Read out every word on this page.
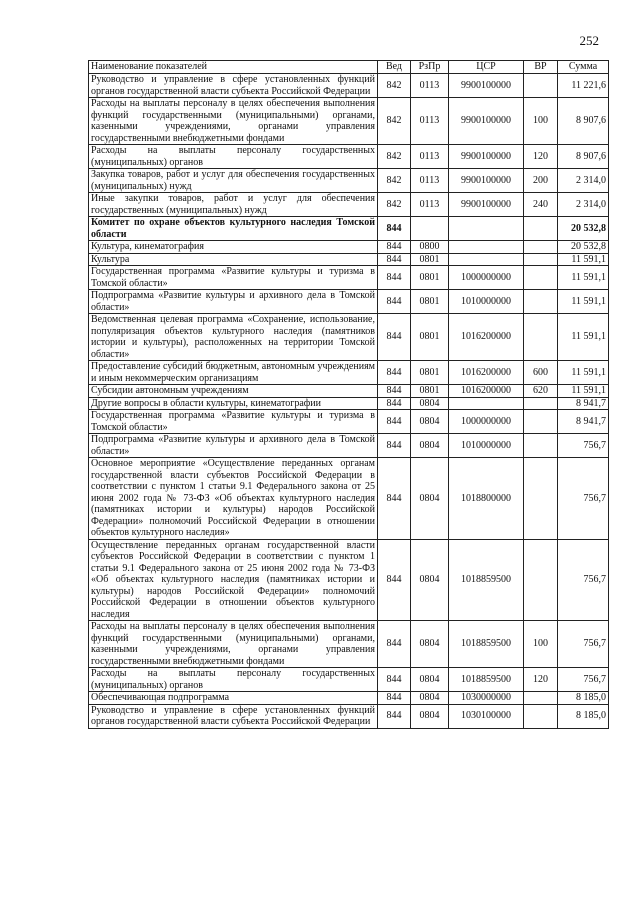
252
Наименование показателей	Вед	РзПр	ЦСР	ВР	Сумма
Руководство и управление в сфере установленных функций органов государственной власти субъекта Российской Федерации	842	0113	9900100000		11 221,6
Расходы на выплаты персоналу в целях обеспечения выполнения функций государственными (муниципальными) органами, казенными учреждениями, органами управления государственными внебюджетными фондами	842	0113	9900100000	100	8 907,6
Расходы на выплаты персоналу государственных (муниципальных) органов	842	0113	9900100000	120	8 907,6
Закупка товаров, работ и услуг для обеспечения государственных (муниципальных) нужд	842	0113	9900100000	200	2 314,0
Иные закупки товаров, работ и услуг для обеспечения государственных (муниципальных) нужд	842	0113	9900100000	240	2 314,0
Комитет по охране объектов культурного наследия Томской области	844				20 532,8
Культура, кинематография	844	0800			20 532,8
Культура	844	0801			11 591,1
Государственная программа «Развитие культуры и туризма в Томской области»	844	0801	1000000000		11 591,1
Подпрограмма «Развитие культуры и архивного дела в Томской области»	844	0801	1010000000		11 591,1
Ведомственная целевая программа «Сохранение, использование, популяризация объектов культурного наследия (памятников истории и культуры), расположенных на территории Томской области»	844	0801	1016200000		11 591,1
Предоставление субсидий бюджетным, автономным учреждениям и иным некоммерческим организациям	844	0801	1016200000	600	11 591,1
Субсидии автономным учреждениям	844	0801	1016200000	620	11 591,1
Другие вопросы в области культуры, кинематографии	844	0804			8 941,7
Государственная программа «Развитие культуры и туризма в Томской области»	844	0804	1000000000		8 941,7
Подпрограмма «Развитие культуры и архивного дела в Томской области»	844	0804	1010000000		756,7
Основное мероприятие «Осуществление переданных органам государственной власти субъектов Российской Федерации в соответствии с пунктом 1 статьи 9.1 Федерального закона от 25 июня 2002 года № 73-ФЗ «Об объектах культурного наследия (памятниках истории и культуры) народов Российской Федерации» полномочий Российской Федерации в отношении объектов культурного наследия»	844	0804	1018800000		756,7
Осуществление переданных органам государственной власти субъектов Российской Федерации в соответствии с пунктом 1 статьи 9.1 Федерального закона от 25 июня 2002 года № 73-ФЗ «Об объектах культурного наследия (памятниках истории и культуры) народов Российской Федерации» полномочий Российской Федерации в отношении объектов культурного наследия	844	0804	1018859500		756,7
Расходы на выплаты персоналу в целях обеспечения выполнения функций государственными (муниципальными) органами, казенными учреждениями, органами управления государственными внебюджетными фондами	844	0804	1018859500	100	756,7
Расходы на выплаты персоналу государственных (муниципальных) органов	844	0804	1018859500	120	756,7
Обеспечивающая подпрограмма	844	0804	1030000000		8 185,0
Руководство и управление в сфере установленных функций органов государственной власти субъекта Российской Федерации	844	0804	1030100000		8 185,0
